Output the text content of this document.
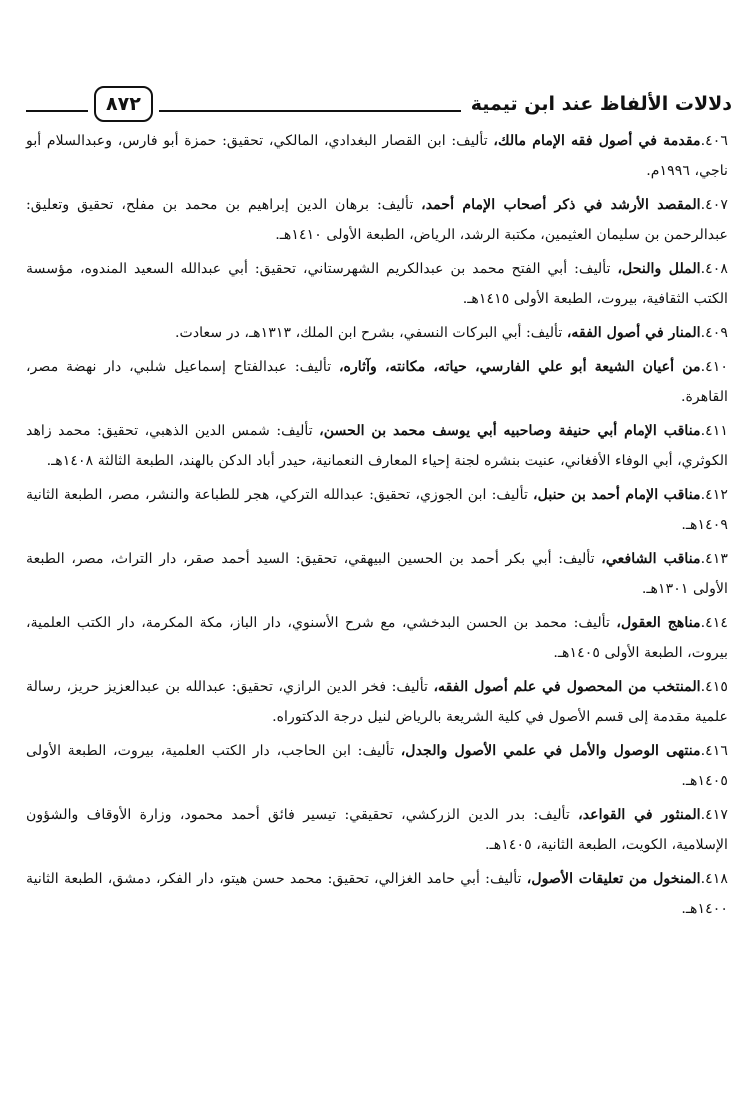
دلالات الألفاظ عند ابن تيمية
٨٧٢
٤٠٦.مقدمة في أصول فقه الإمام مالك، تأليف: ابن القصار البغدادي، المالكي، تحقيق: حمزة أبو فارس، وعبدالسلام أبو ناجي، ١٩٩٦م.
٤٠٧.المقصد الأرشد في ذكر أصحاب الإمام أحمد، تأليف: برهان الدين إبراهيم بن محمد بن مفلح، تحقيق وتعليق: عبدالرحمن بن سليمان العثيمين، مكتبة الرشد، الرياض، الطبعة الأولى ١٤١٠هـ.
٤٠٨.الملل والنحل، تأليف: أبي الفتح محمد بن عبدالكريم الشهرستاني، تحقيق: أبي عبدالله السعيد المندوه، مؤسسة الكتب الثقافية، بيروت، الطبعة الأولى ١٤١٥هـ.
٤٠٩.المنار في أصول الفقه، تأليف: أبي البركات النسفي، بشرح ابن الملك، ١٣١٣هـ، در سعادت.
٤١٠.من أعيان الشيعة أبو علي الفارسي، حياته، مكانته، وآثاره، تأليف: عبدالفتاح إسماعيل شلبي، دار نهضة مصر، القاهرة.
٤١١.مناقب الإمام أبي حنيفة وصاحبيه أبي يوسف محمد بن الحسن، تأليف: شمس الدين الذهبي، تحقيق: محمد زاهد الكوثري، أبي الوفاء الأفغاني، عنيت بنشره لجنة إحياء المعارف النعمانية، حيدر أباد الدكن بالهند، الطبعة الثالثة ١٤٠٨هـ.
٤١٢.مناقب الإمام أحمد بن حنبل، تأليف: ابن الجوزي، تحقيق: عبدالله التركي، هجر للطباعة والنشر، مصر، الطبعة الثانية ١٤٠٩هـ.
٤١٣.مناقب الشافعي، تأليف: أبي بكر أحمد بن الحسين البيهقي، تحقيق: السيد أحمد صقر، دار التراث، مصر، الطبعة الأولى ١٣٠١هـ.
٤١٤.مناهج العقول، تأليف: محمد بن الحسن البدخشي، مع شرح الأسنوي، دار الباز، مكة المكرمة، دار الكتب العلمية، بيروت، الطبعة الأولى ١٤٠٥هـ.
٤١٥.المنتخب من المحصول في علم أصول الفقه، تأليف: فخر الدين الرازي، تحقيق: عبدالله بن عبدالعزيز حريز، رسالة علمية مقدمة إلى قسم الأصول في كلية الشريعة بالرياض لنيل درجة الدكتوراه.
٤١٦.منتهى الوصول والأمل في علمي الأصول والجدل، تأليف: ابن الحاجب، دار الكتب العلمية، بيروت، الطبعة الأولى ١٤٠٥هـ.
٤١٧.المنثور في القواعد، تأليف: بدر الدين الزركشي، تحقيقي: تيسير فائق أحمد محمود، وزارة الأوقاف والشؤون الإسلامية، الكويت، الطبعة الثانية، ١٤٠٥هـ.
٤١٨.المنخول من تعليقات الأصول، تأليف: أبي حامد الغزالي، تحقيق: محمد حسن هيتو، دار الفكر، دمشق، الطبعة الثانية ١٤٠٠هـ.
